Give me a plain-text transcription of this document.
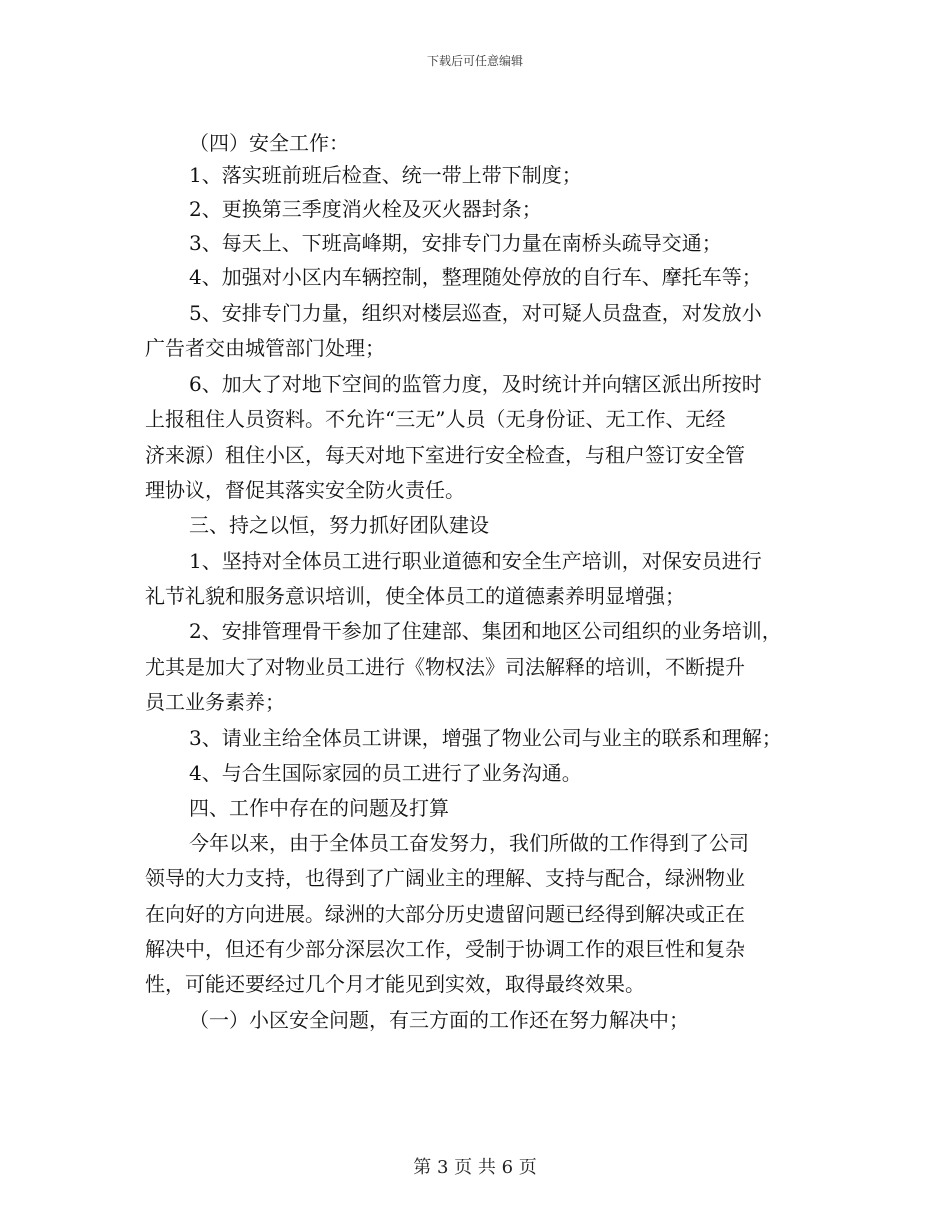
下载后可任意编辑
（四）安全工作：
1、落实班前班后检查、统一带上带下制度；
2、更换第三季度消火栓及灭火器封条；
3、每天上、下班高峰期，安排专门力量在南桥头疏导交通；
4、加强对小区内车辆控制，整理随处停放的自行车、摩托车等；
5、安排专门力量，组织对楼层巡查，对可疑人员盘查，对发放小
广告者交由城管部门处理；
6、加大了对地下空间的监管力度，及时统计并向辖区派出所按时
上报租住人员资料。不允许“三无”人员（无身份证、无工作、无经
济来源）租住小区，每天对地下室进行安全检查，与租户签订安全管
理协议，督促其落实安全防火责任。
三、持之以恒，努力抓好团队建设
1、坚持对全体员工进行职业道德和安全生产培训，对保安员进行
礼节礼貌和服务意识培训，使全体员工的道德素养明显增强；
2、安排管理骨干参加了住建部、集团和地区公司组织的业务培训，
尤其是加大了对物业员工进行《物权法》司法解释的培训，不断提升
员工业务素养；
3、请业主给全体员工讲课，增强了物业公司与业主的联系和理解；
4、与合生国际家园的员工进行了业务沟通。
四、工作中存在的问题及打算
今年以来，由于全体员工奋发努力，我们所做的工作得到了公司
领导的大力支持，也得到了广阔业主的理解、支持与配合，绿洲物业
在向好的方向进展。绿洲的大部分历史遗留问题已经得到解决或正在
解决中，但还有少部分深层次工作，受制于协调工作的艰巨性和复杂
性，可能还要经过几个月才能见到实效，取得最终效果。
（一）小区安全问题，有三方面的工作还在努力解决中；
第 3 页 共 6 页
